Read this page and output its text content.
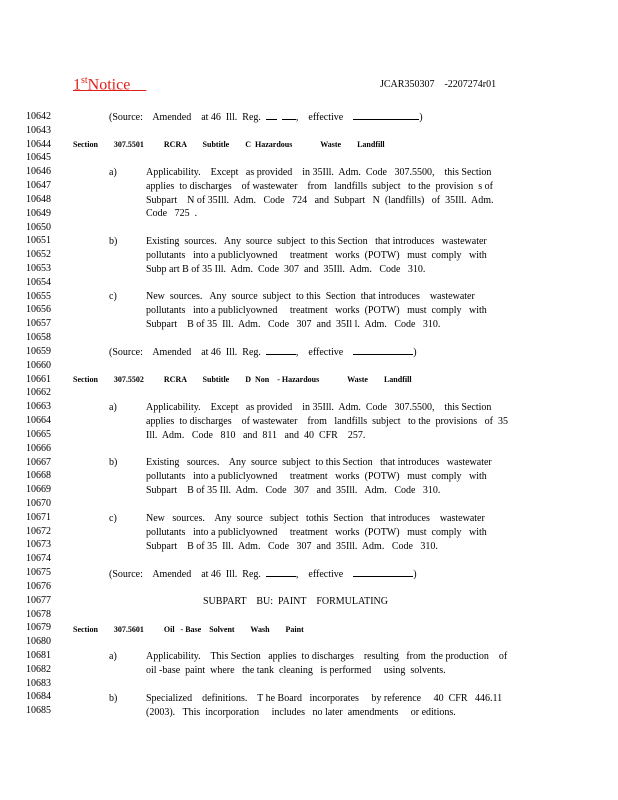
1stNotice	JCAR350307    -2207274r01
10642
10643
10644
10645
10646
10647
10648
10649
10650
10651
10652
10653
10654
10655
10656
10657
10658
10659
10660
10661
10662
10663
10664
10665
10666
10667
10668
10669
10670
10671
10672
10673
10674
10675
10676
10677
10678
10679
10680
10681
10682
10683
10684
10685
(Source:    Amended    at 46  Ill.  Reg.	,    effective	)
Section        307.5501          RCRA        Subtitle        C  Hazardous              Waste        Landfill
a)	Applicability.    Except   as provided    in 35Ill.  Adm.  Code   307.5500,    this Section
applies  to discharges    of wastewater    from   landfills  subject   to the  provision  s of
Subpart    N of 35Ill.  Adm.   Code   724   and  Subpart   N  (landfills)   of  35Ill.  Adm.
Code   725  .
b)	Existing  sources.   Any  source  subject  to this Section   that introduces   wastewater
pollutants   into a publiclyowned     treatment   works  (POTW)   must  comply   with
Subp art B of 35 Ill.  Adm.  Code  307  and  35Ill.  Adm.   Code   310.
c)	New  sources.   Any  source  subject  to this  Section  that introduces    wastewater
pollutants   into a publiclyowned     treatment   works  (POTW)   must  comply   with
Subpart    B of 35  Ill.  Adm.   Code   307  and  35Il l.  Adm.   Code   310.
(Source:    Amended    at 46  Ill.  Reg.	,    effective	)
Section        307.5502          RCRA        Subtitle        D  Non    - Hazardous              Waste        Landfill
a)	Applicability.    Except   as provided    in 35Ill.  Adm.  Code   307.5500,    this Section
applies  to discharges    of wastewater    from   landfills  subject   to the  provisions   of  35
Ill.  Adm.   Code   810   and  811   and  40  CFR    257.
b)	Existing   sources.    Any  source  subject  to this Section   that introduces   wastewater
pollutants   into a publiclyowned     treatment   works  (POTW)   must  comply   with
Subpart    B of 35 Ill.  Adm.   Code   307   and  35Ill.   Adm.   Code   310.
c)	New   sources.    Any  source   subject   tothis  Section   that introduces    wastewater
pollutants   into a publiclyowned     treatment   works  (POTW)   must  comply   with
Subpart    B of 35  Ill.  Adm.   Code   307  and  35Ill.  Adm.   Code   310.
(Source:    Amended    at 46  Ill.  Reg.	,    effective	)
SUBPART    BU:  PAINT    FORMULATING
Section        307.5601          Oil   - Base    Solvent        Wash        Paint
a)	Applicability.    This Section   applies  to discharges    resulting   from  the production    of
oil -base  paint  where   the tank  cleaning   is performed     using  solvents.
b)	Specialized    definitions.    T he Board   incorporates     by reference     40  CFR   446.11
(2003).   This  incorporation     includes   no later  amendments     or editions.
